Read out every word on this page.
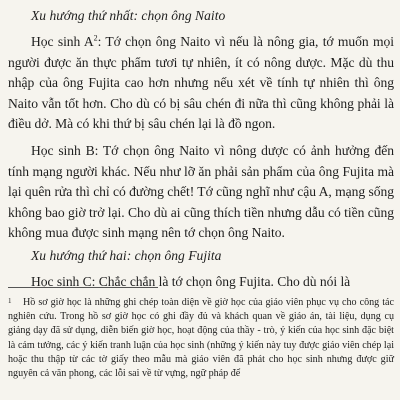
Xu hướng thứ nhất: chọn ông Naito

Học sinh A$^2$: Tớ chọn ông Naito vì nếu là nông gia, tớ muốn mọi người được ăn thực phẩm tươi tự nhiên, ít có nông dược. Mặc dù thu nhập của ông Fujita cao hơn nhưng nếu xét về tính tự nhiên thì ông Naito vẫn tốt hơn. Cho dù có bị sâu chén đi nữa thì cũng không phải là điều dở. Mà có khi thứ bị sâu chén lại là đồ ngon.

Học sinh B: Tớ chọn ông Naito vì nông dược có ảnh hưởng đến tính mạng người khác. Nếu như lỡ ăn phải sản phẩm của ông Fujita mà lại quên rửa thì chỉ có đường chết! Tớ cũng nghĩ như cậu A, mạng sống không bao giờ trở lại. Cho dù ai cũng thích tiền nhưng dẫu có tiền cũng không mua được sinh mạng nên tớ chọn ông Naito.

Xu hướng thứ hai: chọn ông Fujita

Học sinh C: Chắc chắn là tớ chọn ông Fujita. Cho dù nói là

1 Hồ sơ giờ học là những ghi chép toàn diện về giờ học của giáo viên phục vụ cho công tác nghiên cứu. Trong hồ sơ giờ học có ghi đầy đủ và khách quan về giáo án, tài liệu, dụng cụ giảng dạy đã sử dụng, diễn biến giờ học, hoạt động của thầy - trò, ý kiến của học sinh đặc biệt là cảm tưởng, các ý kiến tranh luận của học sinh (những ý kiến này tuy được giáo viên chép lại hoặc thu thập từ các tờ giấy theo mẫu mà giáo viên đã phát cho học sinh nhưng được giữ nguyên cả văn phong, các lỗi sai về từ vựng, ngữ pháp để
